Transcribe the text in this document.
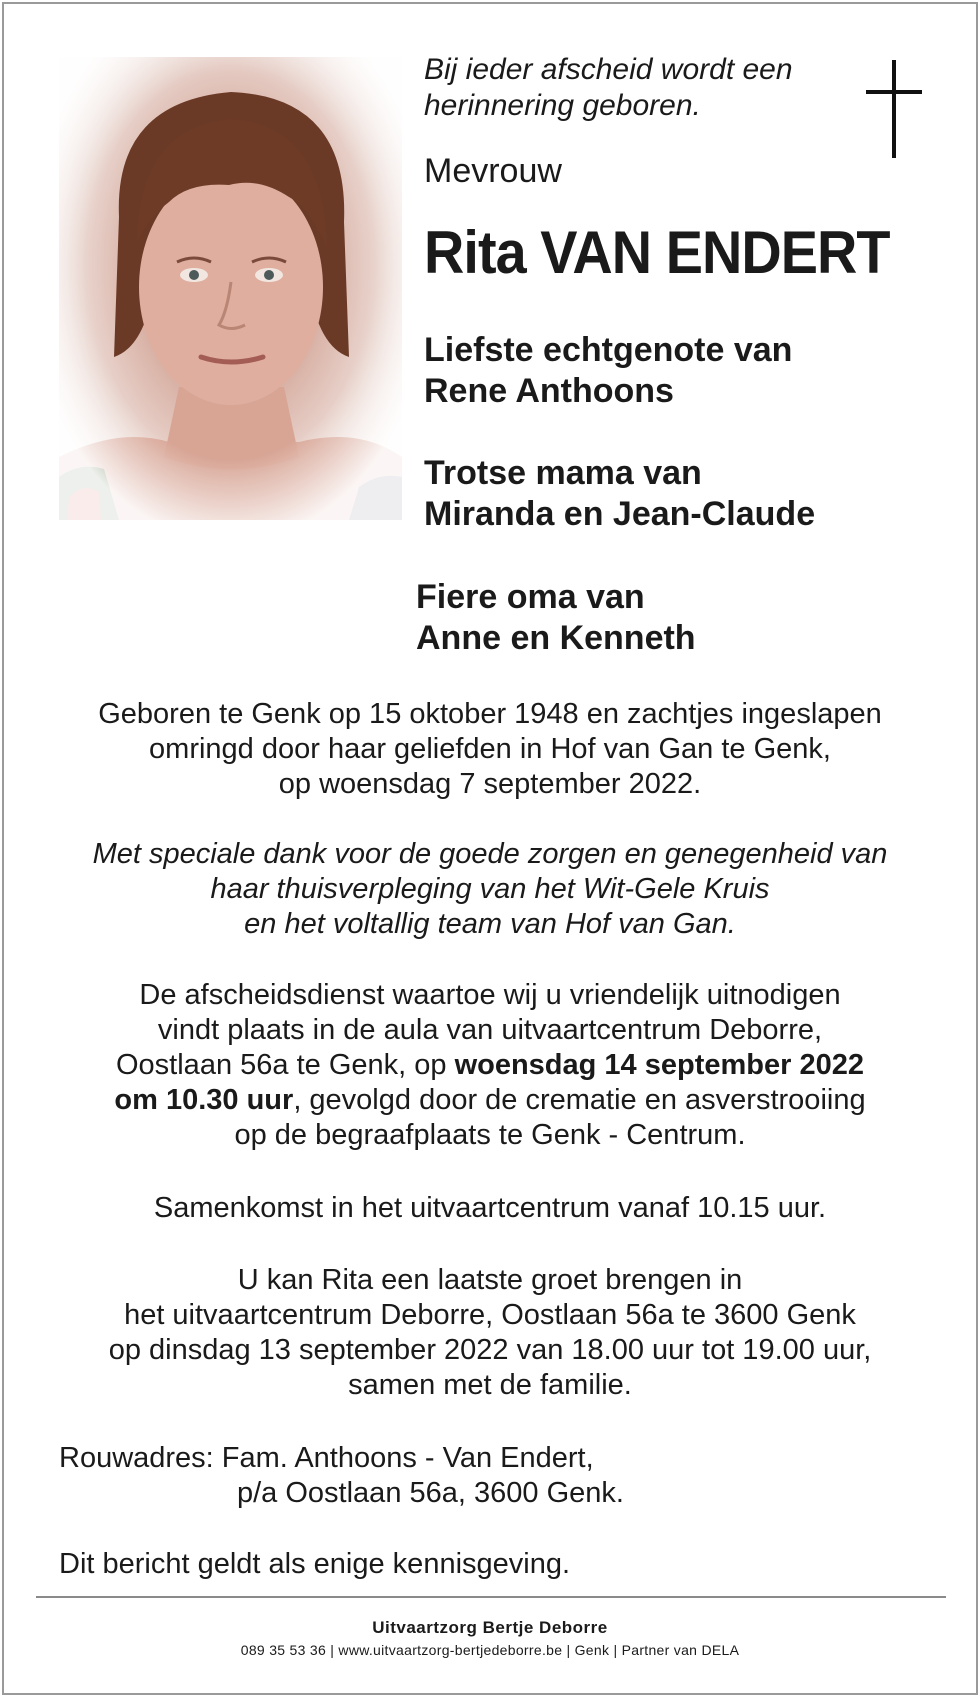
Bij ieder afscheid wordt een
herinnering geboren.
Mevrouw
Rita VAN ENDERT
Liefste echtgenote van
Rene Anthoons
Trotse mama van
Miranda en Jean-Claude
Fiere oma van
Anne en Kenneth
Geboren te Genk op 15 oktober 1948 en zachtjes ingeslapen
omringd door haar geliefden in Hof van Gan te Genk,
op woensdag 7 september 2022.
Met speciale dank voor de goede zorgen en genegenheid van
haar thuisverpleging van het Wit-Gele Kruis
en het voltallig team van Hof van Gan.
De afscheidsdienst waartoe wij u vriendelijk uitnodigen
vindt plaats in de aula van uitvaartcentrum Deborre,
Oostlaan 56a te Genk, op woensdag 14 september 2022
om 10.30 uur, gevolgd door de crematie en asverstrooiing
op de begraafplaats te Genk - Centrum.
Samenkomst in het uitvaartcentrum vanaf 10.15 uur.
U kan Rita een laatste groet brengen in
het uitvaartcentrum Deborre, Oostlaan 56a te 3600 Genk
op dinsdag 13 september 2022 van 18.00 uur tot 19.00 uur,
samen met de familie.
Rouwadres: Fam. Anthoons - Van Endert,
p/a Oostlaan 56a, 3600 Genk.
Dit bericht geldt als enige kennisgeving.
Uitvaartzorg Bertje Deborre
089 35 53 36 | www.uitvaartzorg-bertjedeborre.be | Genk | Partner van DELA
